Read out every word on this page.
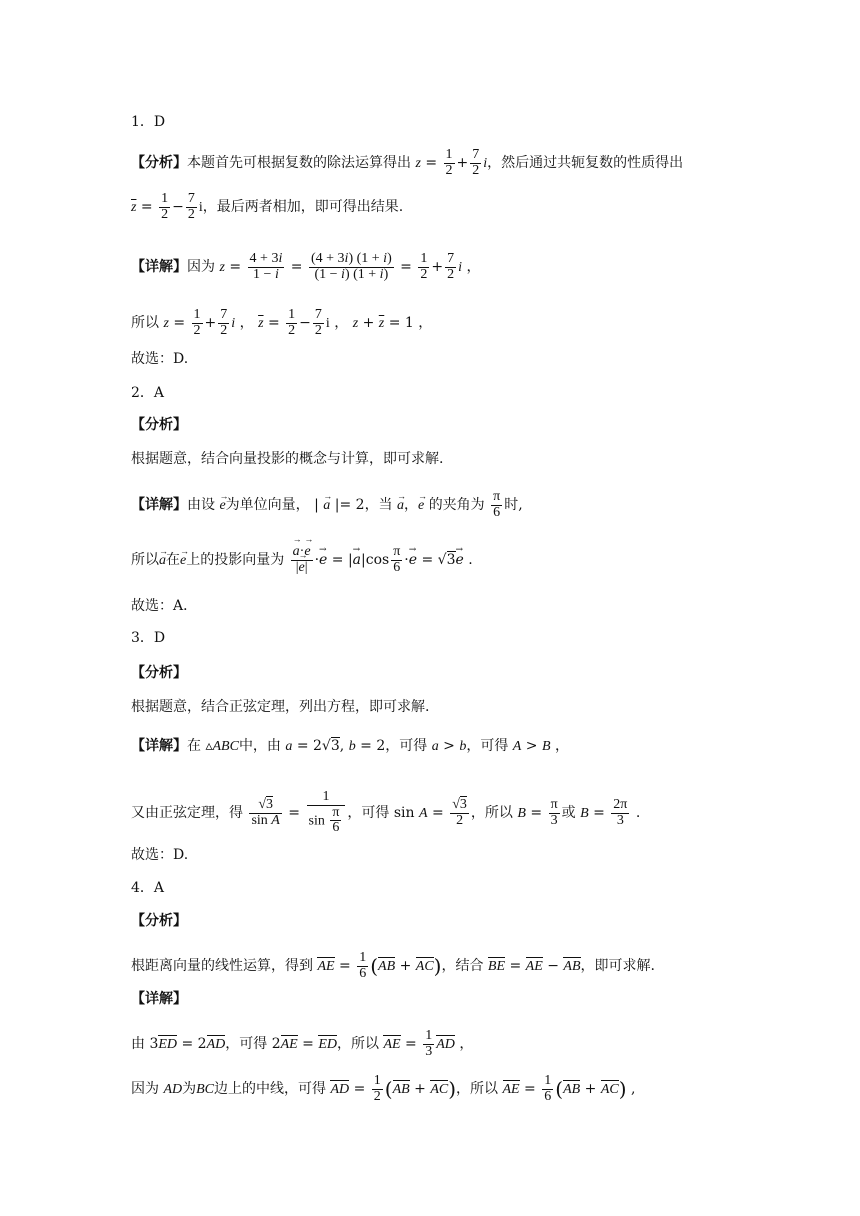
1．D
【分析】本题首先可根据复数的除法运算得出 $z = \frac{1}{2} + \frac{7}{2}$ i，然后通过共轭复数的性质得出
$\overline{z} = \frac{1}{2} - \frac{7}{2}$ i，最后两者相加，即可得出结果.
【详解】因为 $z = \frac{4 + 3i}{1 - i} = \frac{(4 + 3i) (1 + i)}{(1 - i) (1 + i)} = \frac{1}{2} + \frac{7}{2}$ i ，
所以 $z = \frac{1}{2} + \frac{7}{2}$ i ， $\overline{z} = \frac{1}{2} - \frac{7}{2}$ i ， $z + \overline{z} = 1$ ，
故选：D.
2．A
【分析】
根据题意，结合向量投影的概念与计算，即可求解.
【详解】由设 → e为单位向量， | → a |= 2，当 → a，→ e 的夹角为 $\frac{\pi}{6}$ 时,
所以→ a在→ e上的投影向量为 → $\frac{a\cdot\to e}{|\to e|} \cdot\to e$ = |→ $a|\cos \frac{\pi}{6} \cdot\to e = √3\to e$ .
故选：A．
3．D
【分析】
根据题意，结合正弦定理，列出方程，即可求解.
【详解】在 ▵ABC中，由 a = 2√3, b = 2，可得 a > b，可得 A > B ，
又由正弦定理，得 $\frac{√3}{\text{sin A}} = \frac{1}{\sin \frac{\pi}{6}}$ ，可得 $\sin A = \frac{√3}{2}$ ，所以 $B = \frac{\pi}{3}$ 或 $B = \frac{2\pi}{3}$ .
故选：D.
4．A
【分析】
根距离向量的线性运算，得到 AE = $\frac{1}{6} (AB + AC)$，结合 BE = AE − AB，即可求解.
【详解】
由 3ED = 2AD，可得 2AE = ED，所以 AE = $\frac{1}{3}$ AD ，
因为 AD为BC边上的中线，可得 AD = $\frac{1}{2} (AB + AC)$，所以 AE = $\frac{1}{6} (AB + AC)$ ,
